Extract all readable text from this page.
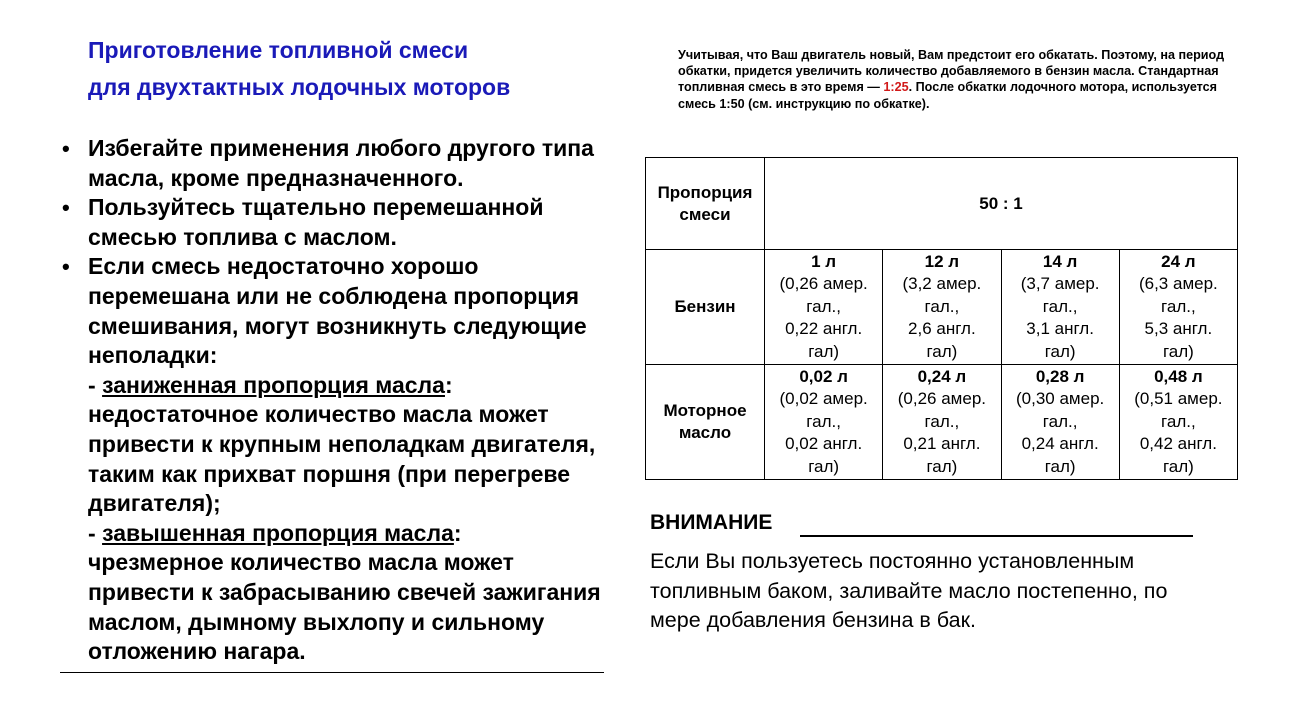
Приготовление топливной смеси
для двухтактных лодочных моторов
• Избегайте применения любого другого типа масла, кроме предназначенного.
• Пользуйтесь тщательно перемешанной смесью топлива с маслом.
• Если смесь недостаточно хорошо перемешана или не соблюдена пропорция смешивания, могут возникнуть следующие неполадки:
- заниженная пропорция масла:
недостаточное количество масла может привести к крупным неполадкам двигателя, таким как прихват поршня (при перегреве двигателя);
- завышенная пропорция масла:
чрезмерное количество масла может привести к забрасыванию свечей зажигания маслом, дымному выхлопу и сильному отложению нагара.
Учитывая, что Ваш двигатель новый, Вам предстоит его обкатать. Поэтому, на период обкатки, придется увеличить количество добавляемого в бензин масла. Стандартная топливная смесь в это время — 1:25. После обкатки лодочного мотора, используется смесь 1:50 (см. инструкцию по обкатке).
Пропорция смеси	50 : 1			
Бензин	1 л
(0,26 амер.
гал.,
0,22 англ.
гал)	12 л
(3,2 амер.
гал.,
2,6 англ.
гал)	14 л
(3,7 амер.
гал.,
3,1 англ.
гал)	24 л
(6,3 амер.
гал.,
5,3 англ.
гал)
Моторное масло	0,02 л
(0,02 амер.
гал.,
0,02 англ.
гал)	0,24 л
(0,26 амер.
гал.,
0,21 англ.
гал)	0,28 л
(0,30 амер.
гал.,
0,24 англ.
гал)	0,48 л
(0,51 амер.
гал.,
0,42 англ.
гал)
ВНИМАНИЕ
Если Вы пользуетесь постоянно установленным топливным баком, заливайте масло постепенно, по мере добавления бензина в бак.
